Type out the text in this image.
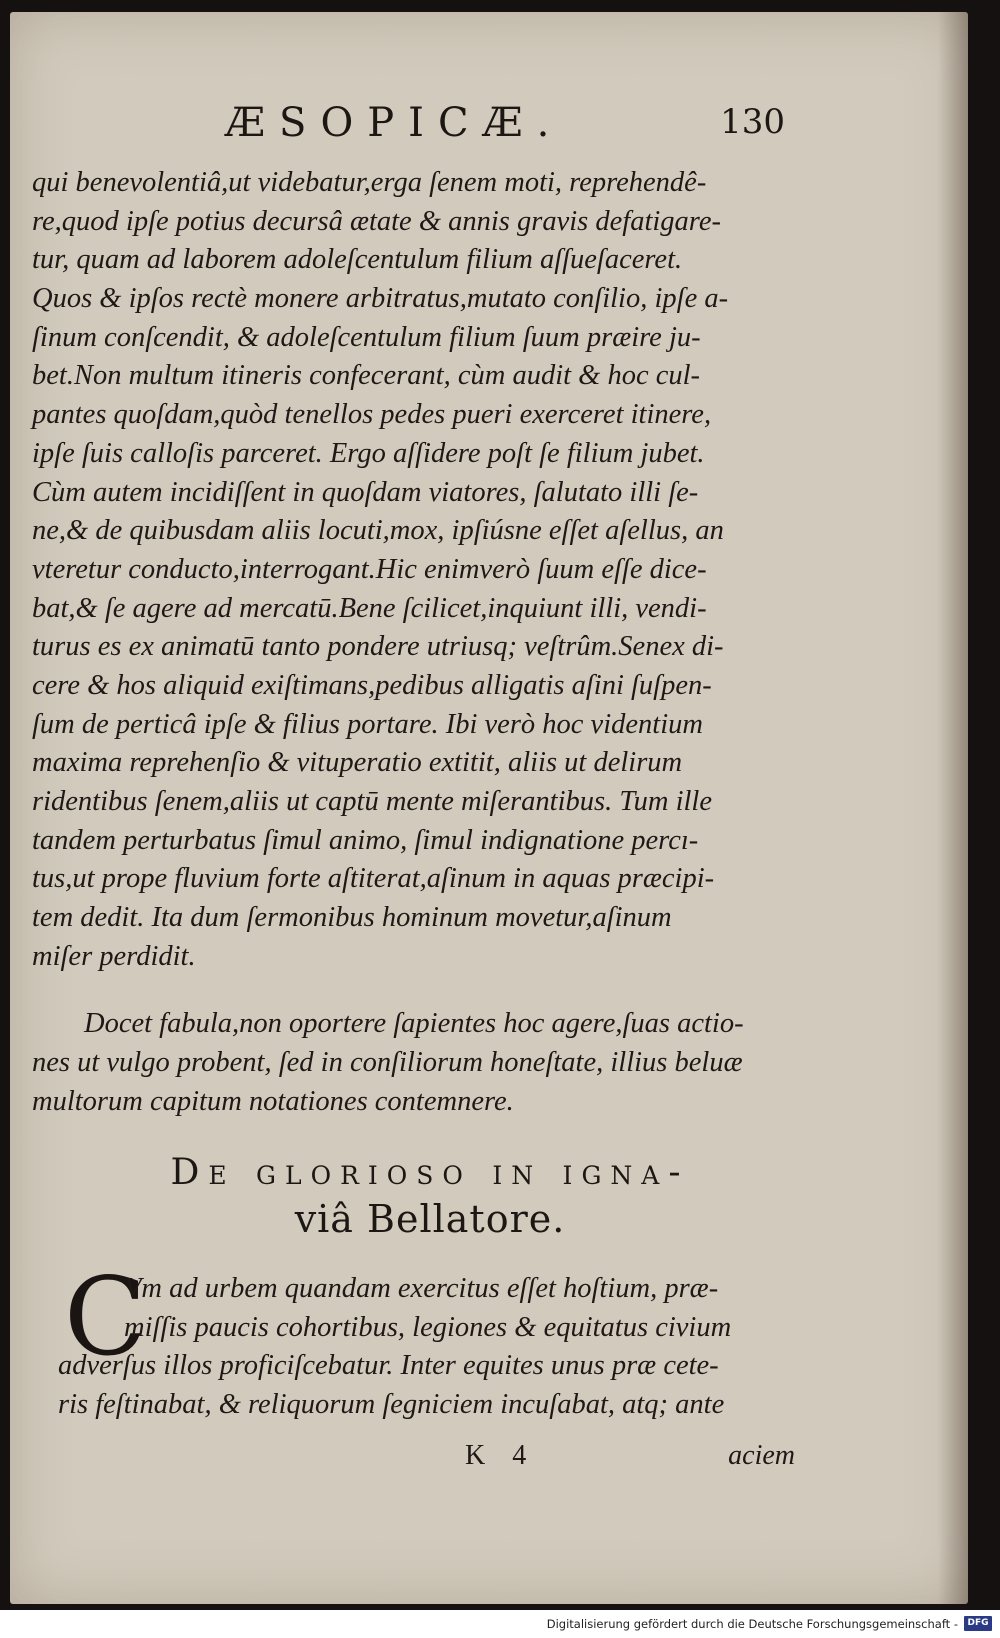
ÆSOPICÆ.	130
qui benevolentiâ,ut videbatur,erga ſenem moti, reprehendê-
re,quod ipſe potius decursâ ætate & annis gravis defatigare-
tur, quam ad laborem adoleſcentulum filium aſſueſaceret.
Quos & ipſos rectè monere arbitratus,mutato conſilio, ipſe a-
ſinum conſcendit, & adoleſcentulum filium ſuum præire ju-
bet.Non multum itineris confecerant, cùm audit & hoc cul-
pantes quoſdam,quòd tenellos pedes pueri exerceret itinere,
ipſe ſuis calloſis parceret. Ergo aſſidere poſt ſe filium jubet.
Cùm autem incidiſſent in quoſdam viatores, ſalutato illi ſe-
ne,& de quibusdam aliis locuti,mox, ipſiúsne eſſet aſellus, an
vteretur conducto,interrogant.Hic enimverò ſuum eſſe dice-
bat,& ſe agere ad mercatū.Bene ſcilicet,inquiunt illi, vendi-
turus es ex animatū tanto pondere utriusq; veſtrûm.Senex di-
cere & hos aliquid exiſtimans,pedibus alligatis aſini ſuſpen-
ſum de perticâ ipſe & filius portare. Ibi verò hoc videntium
maxima reprehenſio & vituperatio extitit, aliis ut delirum
ridentibus ſenem,aliis ut captū mente miſerantibus. Tum ille
tandem perturbatus ſimul animo, ſimul indignatione percı-
tus,ut prope fluvium forte aſtiterat,aſinum in aquas præcipi-
tem dedit. Ita dum ſermonibus hominum movetur,aſinum
miſer perdidit.
Docet fabula,non oportere ſapientes hoc agere,ſuas actio-
nes ut vulgo probent, ſed in conſiliorum honeſtate, illius beluæ
multorum capitum notationes contemnere.
De glorioso in igna-
viâ Bellatore.
C
Vm ad urbem quandam exercitus eſſet hoſtium, præ-
miſſis paucis cohortibus, legiones & equitatus civium
adverſus illos proficiſcebatur. Inter equites unus præ cete-
ris feſtinabat, & reliquorum ſegniciem incuſabat, atq; ante
K 4	aciem
Digitalisierung gefördert durch die Deutsche Forschungsgemeinschaft -	DFG
